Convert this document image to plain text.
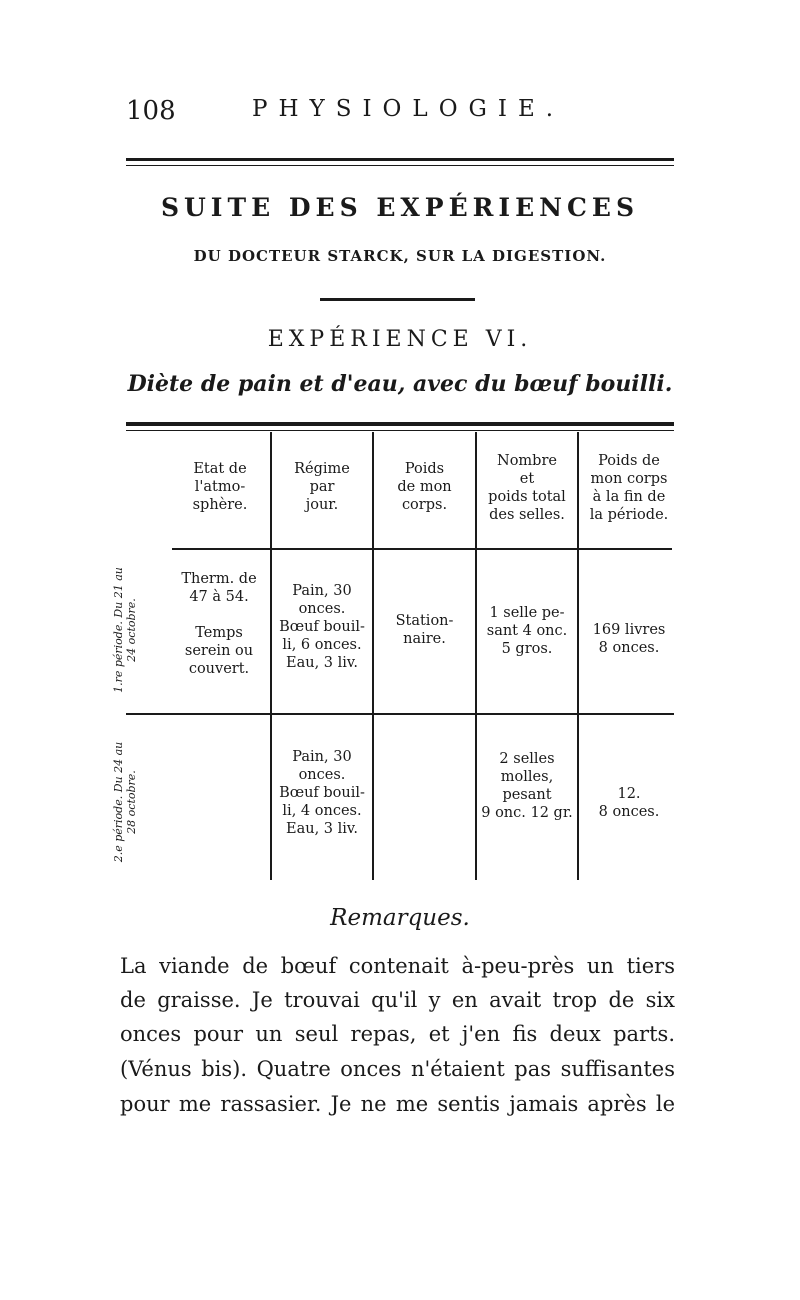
108	PHYSIOLOGIE.
SUITE DES EXPÉRIENCES
DU DOCTEUR STARCK, SUR LA DIGESTION.
EXPÉRIENCE VI.
Diète de pain et d'eau, avec du bœuf bouilli.
Etat de
l'atmo-
sphère.
Régime
par
jour.
Poids
de mon
corps.
Nombre
et
poids total
des selles.
Poids de
mon corps
à la fin de
la période.
1.re période. Du 21 au
24 octobre.
Therm. de
47 à 54.

Temps
serein ou
couvert.
Pain, 30
onces.
Bœuf bouil-
li, 6 onces.
Eau, 3 liv.
Station-
naire.
1 selle pe-
sant 4 onc.
5 gros.
169 livres
8 onces.
2.e période. Du 24 au
28 octobre.
Pain, 30
onces.
Bœuf bouil-
li, 4 onces.
Eau, 3 liv.
2 selles
molles,
pesant
9 onc. 12 gr.
12.
8 onces.
Remarques.
La viande de bœuf contenait à-peu-près un tiers
de graisse. Je trouvai qu'il y en avait trop de six
onces pour un seul repas, et j'en fis deux parts.
(Vénus bis). Quatre onces n'étaient pas suffisantes
pour me rassasier. Je ne me sentis jamais après le
